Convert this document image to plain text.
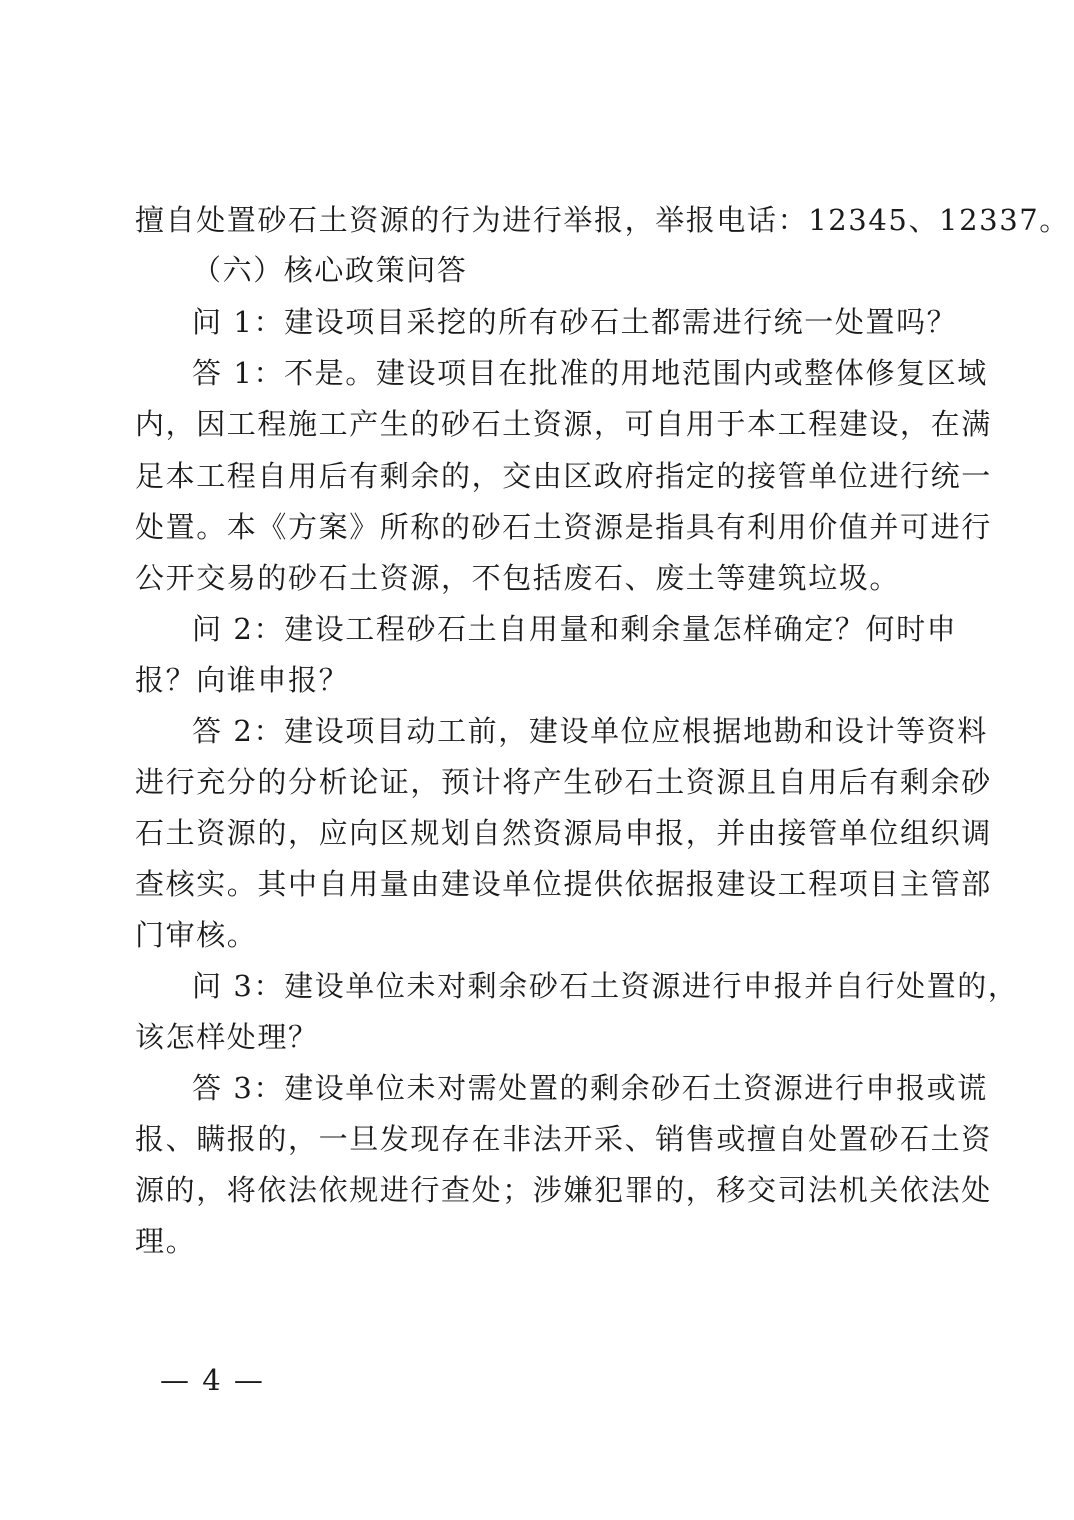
擅自处置砂石土资源的行为进行举报，举报电话：12345、12337。
（六）核心政策问答
问 1：建设项目采挖的所有砂石土都需进行统一处置吗？
答 1：不是。建设项目在批准的用地范围内或整体修复区域
内，因工程施工产生的砂石土资源，可自用于本工程建设，在满
足本工程自用后有剩余的，交由区政府指定的接管单位进行统一
处置。本《方案》所称的砂石土资源是指具有利用价值并可进行
公开交易的砂石土资源，不包括废石、废土等建筑垃圾。
问 2：建设工程砂石土自用量和剩余量怎样确定？何时申
报？向谁申报？
答 2：建设项目动工前，建设单位应根据地勘和设计等资料
进行充分的分析论证，预计将产生砂石土资源且自用后有剩余砂
石土资源的，应向区规划自然资源局申报，并由接管单位组织调
查核实。其中自用量由建设单位提供依据报建设工程项目主管部
门审核。
问 3：建设单位未对剩余砂石土资源进行申报并自行处置的，
该怎样处理？
答 3：建设单位未对需处置的剩余砂石土资源进行申报或谎
报、瞒报的，一旦发现存在非法开采、销售或擅自处置砂石土资
源的，将依法依规进行查处；涉嫌犯罪的，移交司法机关依法处
理。
— 4 —
